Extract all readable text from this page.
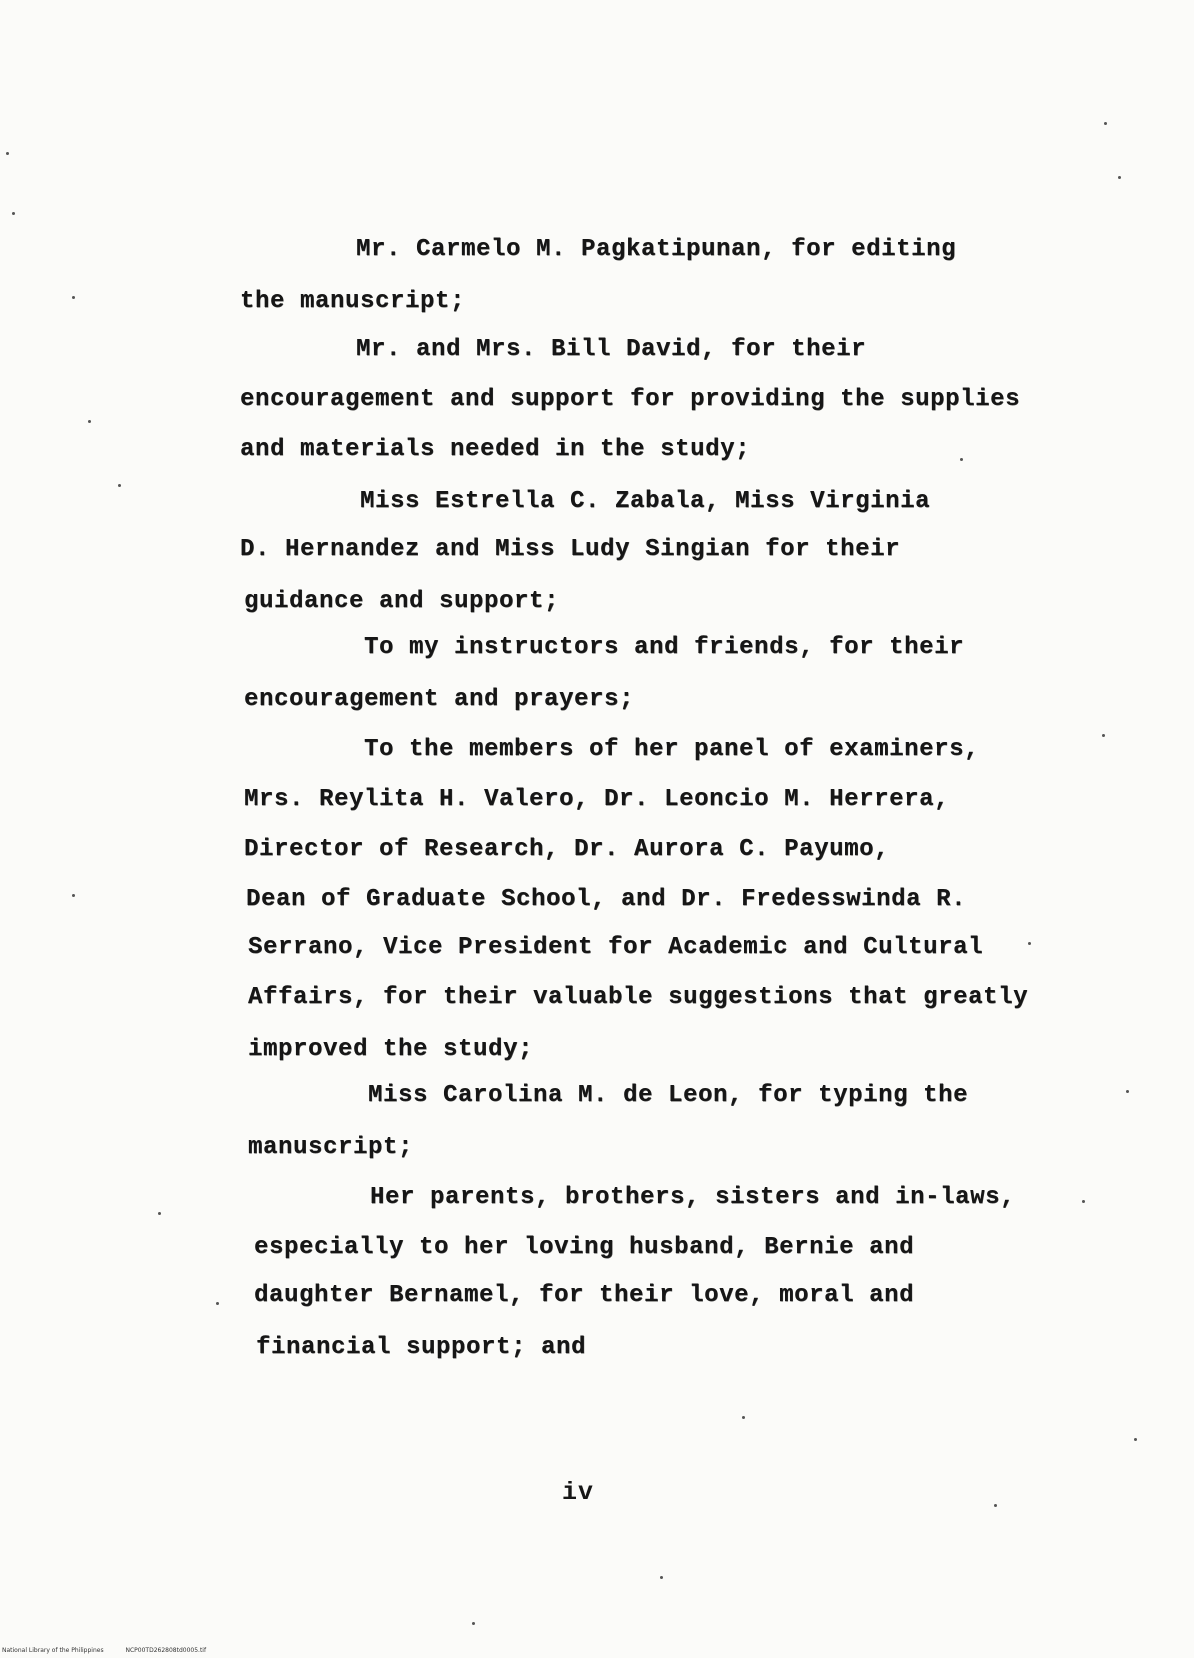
Mr. Carmelo M. Pagkatipunan, for editing
the manuscript;
Mr. and Mrs. Bill David, for their
encouragement and support for providing the supplies
and materials needed in the study;
Miss Estrella C. Zabala, Miss Virginia
D. Hernandez and Miss Ludy Singian for their
guidance and support;
To my instructors and friends, for their
encouragement and prayers;
To the members of her panel of examiners,
Mrs. Reylita H. Valero, Dr. Leoncio M. Herrera,
Director of Research, Dr. Aurora C. Payumo,
Dean of Graduate School, and Dr. Fredesswinda R.
Serrano, Vice President for Academic and Cultural
Affairs, for their valuable suggestions that greatly
improved the study;
Miss Carolina M. de Leon, for typing the
manuscript;
Her parents, brothers, sisters and in-laws,
especially to her loving husband, Bernie and
daughter Bernamel, for their love, moral and
financial support; and
iv
National Library of the Philippines	NCP00TD262808td0005.tif
